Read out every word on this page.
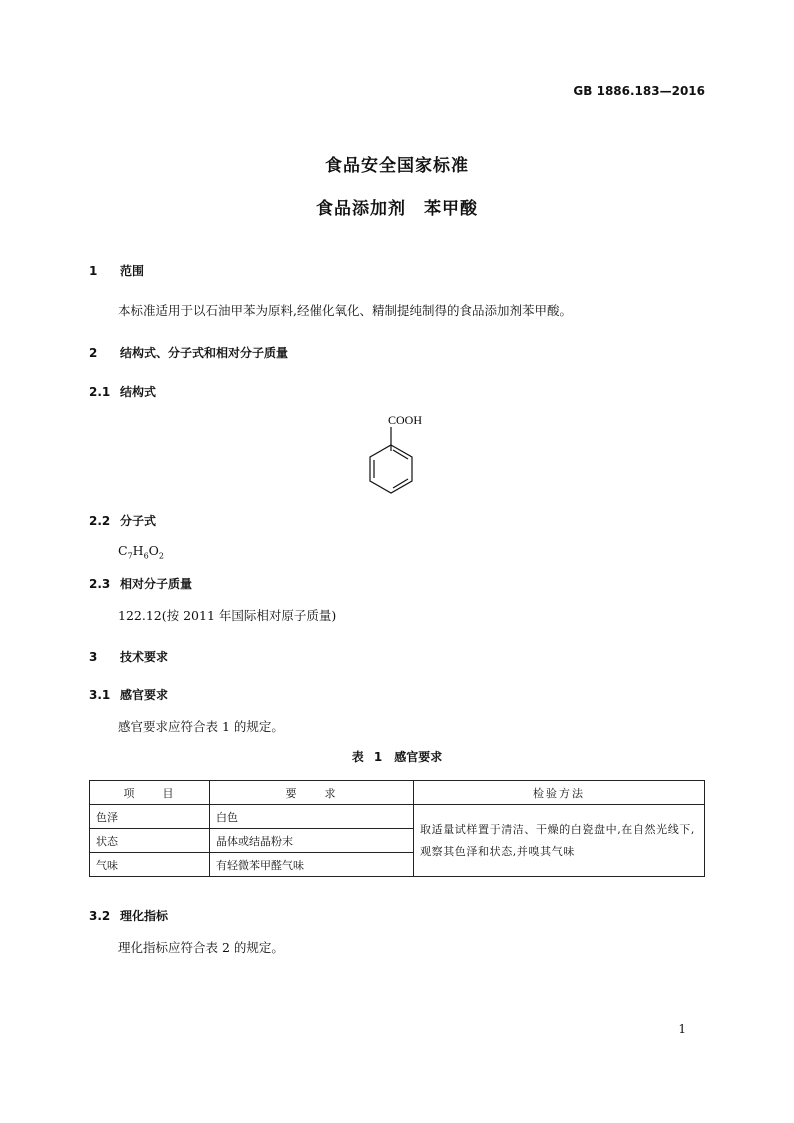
GB 1886.183—2016
食品安全国家标准
食品添加剂　苯甲酸
1 范围
本标准适用于以石油甲苯为原料,经催化氧化、精制提纯制得的食品添加剂苯甲酸。
2 结构式、分子式和相对分子质量
2.1 结构式
COOH
2.2 分子式
$C_7H_6O_2$
2.3 相对分子质量
122.12(按 2011 年国际相对原子质量)
3 技术要求
3.1 感官要求
感官要求应符合表 1 的规定。
表 1　感官要求
项　　目	要　　求	检验方法
色泽	白色	取适量试样置于清洁、干燥的白瓷盘中,在自然光线下,观察其色泽和状态,并嗅其气味
状态	晶体或结晶粉末	
气味	有轻微苯甲醛气味	
3.2 理化指标
理化指标应符合表 2 的规定。
1
